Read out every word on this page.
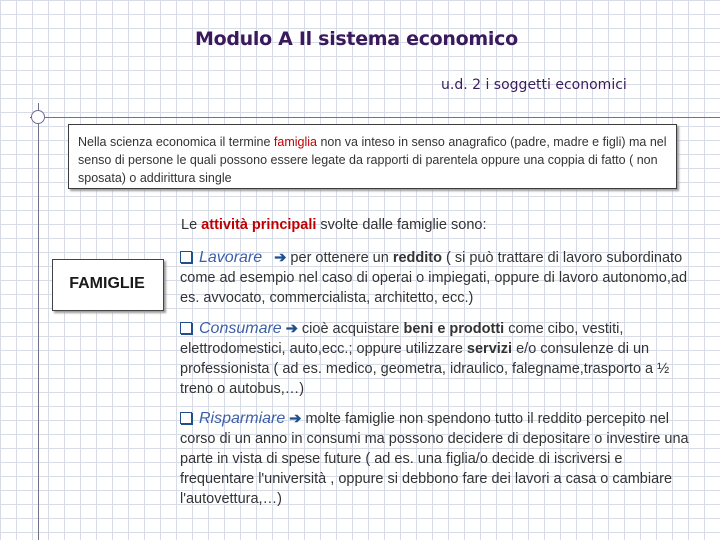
Modulo A Il sistema economico
u.d. 2 i soggetti economici
Nella scienza economica il termine famiglia non va inteso in senso anagrafico (padre, madre e figli) ma nel senso di persone le quali possono essere legate da rapporti di parentela oppure una coppia di fatto ( non sposata) o addirittura single
Le attività principali svolte dalle famiglie sono:
FAMIGLIE
Lavorare ➔ per ottenere un reddito ( si può trattare di lavoro subordinato come ad esempio nel caso di operai o impiegati, oppure di lavoro autonomo,ad es. avvocato, commercialista, architetto, ecc.)
Consumare ➔ cioè acquistare beni e prodotti come cibo, vestiti, elettrodomestici, auto,ecc.; oppure utilizzare servizi e/o consulenze di un professionista ( ad es. medico, geometra, idraulico, falegname,trasporto a ½ treno o autobus,…)
Risparmiare ➔ molte famiglie non spendono tutto il reddito percepito nel corso di un anno in consumi ma possono decidere di depositare o investire una parte in vista di spese future ( ad es. una figlia/o decide di iscriversi e frequentare l'università , oppure si debbono fare dei lavori a casa o cambiare l'autovettura,…)
